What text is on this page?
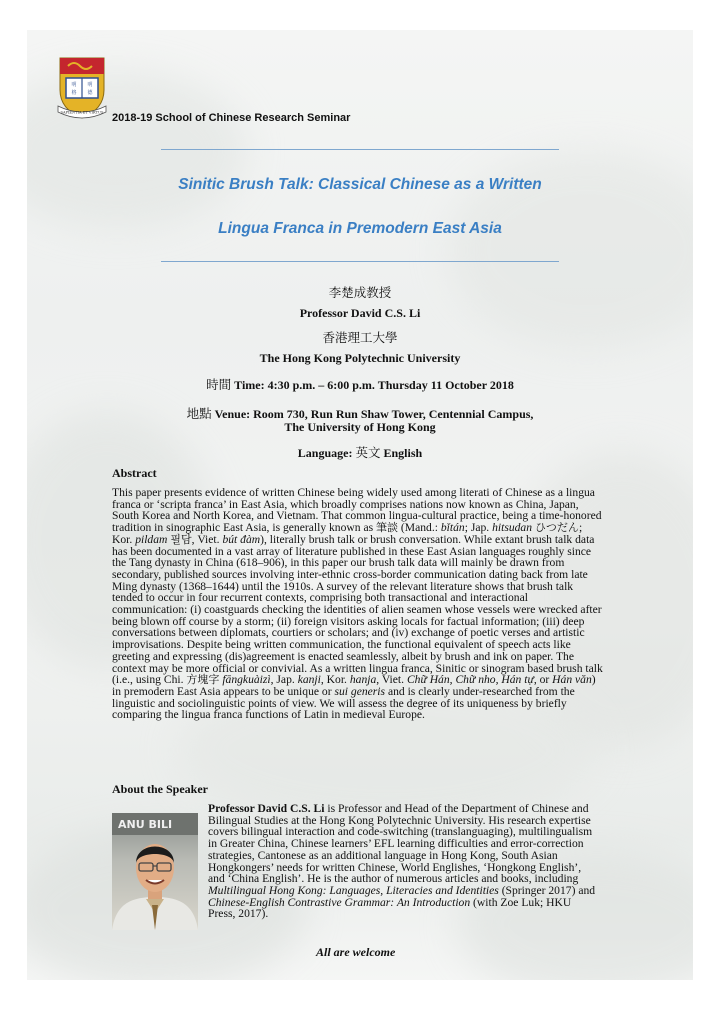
明 明
格 德
SAPIENTIA ET VIRTUS 2018-19 School of Chinese Research Seminar
Sinitic Brush Talk: Classical Chinese as a Written
Lingua Franca in Premodern East Asia
李楚成教授
Professor David C.S. Li
香港理工大學
The Hong Kong Polytechnic University
時間 Time: 4:30 p.m. – 6:00 p.m. Thursday 11 October 2018
地點 Venue: Room 730, Run Run Shaw Tower, Centennial Campus,
The University of Hong Kong
Language: 英文 English
Abstract
This paper presents evidence of written Chinese being widely used among literati of Chinese as a lingua franca or ‘scripta franca’ in East Asia, which broadly comprises nations now known as China, Japan, South Korea and North Korea, and Vietnam. That common lingua-cultural practice, being a time-honored tradition in sinographic East Asia, is generally known as 筆談 (Mand.: bǐtán; Jap. hitsudan ひつだん; Kor. pildam 필담, Viet. bút đàm), literally brush talk or brush conversation. While extant brush talk data has been documented in a vast array of literature published in these East Asian languages roughly since the Tang dynasty in China (618–906), in this paper our brush talk data will mainly be drawn from secondary, published sources involving inter-ethnic cross-border communication dating back from late Ming dynasty (1368–1644) until the 1910s. A survey of the relevant literature shows that brush talk tended to occur in four recurrent contexts, comprising both transactional and interactional communication: (i) coastguards checking the identities of alien seamen whose vessels were wrecked after being blown off course by a storm; (ii) foreign visitors asking locals for factual information; (iii) deep conversations between diplomats, courtiers or scholars; and (iv) exchange of poetic verses and artistic improvisations. Despite being written communication, the functional equivalent of speech acts like greeting and expressing (dis)agreement is enacted seamlessly, albeit by brush and ink on paper. The context may be more official or convivial. As a written lingua franca, Sinitic or sinogram based brush talk (i.e., using Chi. 方塊字 fāngkuàizì, Jap. kanji, Kor. hanja, Viet. Chữ Hán, Chữ nho, Hán tự, or Hán văn) in premodern East Asia appears to be unique or sui generis and is clearly under-researched from the linguistic and sociolinguistic points of view. We will assess the degree of its uniqueness by briefly comparing the lingua franca functions of Latin in medieval Europe.
About the Speaker
ANU BILI
Professor David C.S. Li is Professor and Head of the Department of Chinese and Bilingual Studies at the Hong Kong Polytechnic University. His research expertise covers bilingual interaction and code-switching (translanguaging), multilingualism in Greater China, Chinese learners’ EFL learning difficulties and error-correction strategies, Cantonese as an additional language in Hong Kong, South Asian Hongkongers’ needs for written Chinese, World Englishes, ‘Hongkong English’, and ‘China English’. He is the author of numerous articles and books, including Multilingual Hong Kong: Languages, Literacies and Identities (Springer 2017) and Chinese-English Contrastive Grammar: An Introduction (with Zoe Luk; HKU Press, 2017).
All are welcome
